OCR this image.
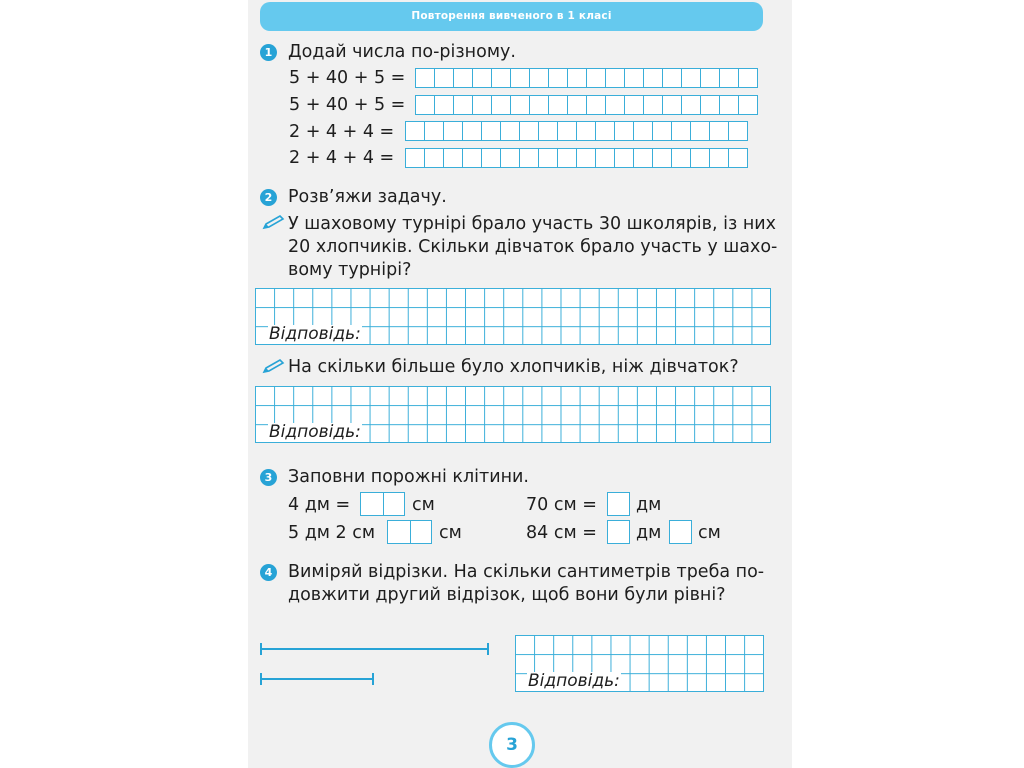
Повторення вивченого в 1 класі
1 Додай числа по-різному.
5 + 40 + 5 =
5 + 40 + 5 =
2 + 4 + 4 =
2 + 4 + 4 =
2 Розв’яжи задачу.
У шаховому турнірі брало участь 30 школярів, із них
20 хлопчиків. Скільки дівчаток брало участь у шахо-
вому турнірі?
Відповідь:
На скільки більше було хлопчиків, ніж дівчаток?
Відповідь:
3 Заповни порожні клітини.
4 дм =	см
5 дм 2 см	см
70 см = дм
84 см = дм см
4 Виміряй відрізки. На скільки сантиметрів треба по-
довжити другий відрізок, щоб вони були рівні?
Відповідь:
3
